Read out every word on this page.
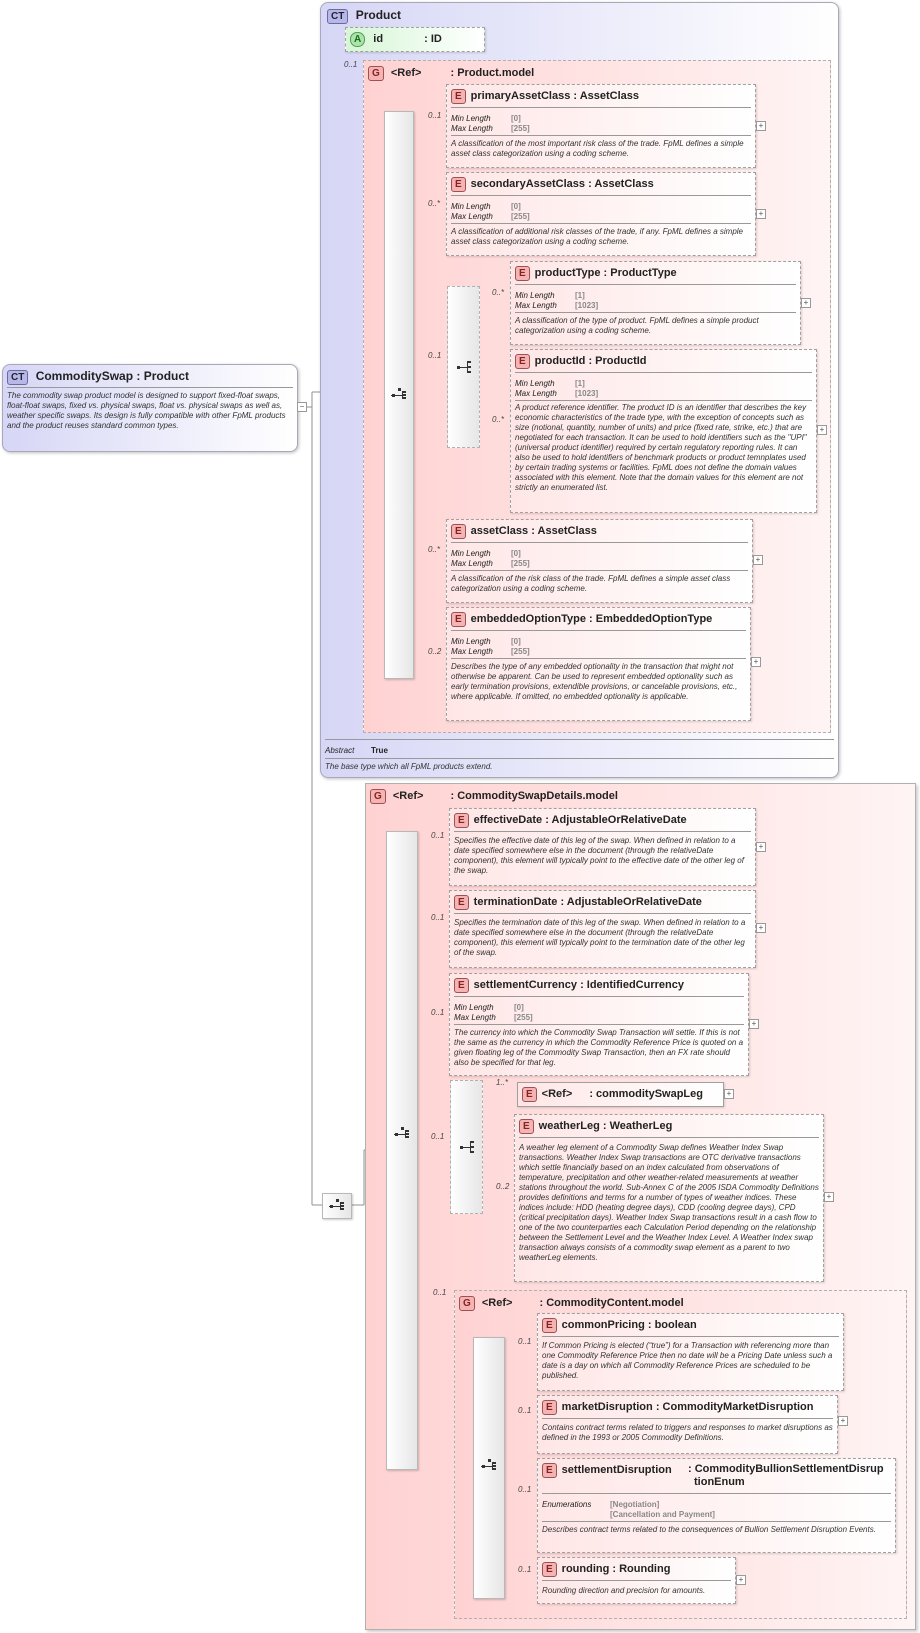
CT CommoditySwap : Product
The commodity swap product model is designed to support fixed-float swaps, float-float swaps, fixed vs. physical swaps, float vs. physical swaps as well as, weather specific swaps. Its design is fully compatible with other FpML products and the product reuses standard common types.
−
CT Product
Abstract True
The base type which all FpML products extend.
A id	: ID
0..1
G <Ref>	: Product.model
0..1
E primaryAssetClass : AssetClass
Min Length	[0]
Max Length [255]
A classification of the most important risk class of the trade. FpML defines a simple asset class categorization using a coding scheme.
+
0..*
E secondaryAssetClass : AssetClass
Min Length	[0]
Max Length [255]
A classification of additional risk classes of the trade, if any. FpML defines a simple asset class categorization using a coding scheme.
+
0..1
0..*
E productType : ProductType
Min Length	[1]
Max Length [1023]
A classification of the type of product. FpML defines a simple product categorization using a coding scheme.
+
0..*
E productId : ProductId
Min Length	[1]
Max Length [1023]
A product reference identifier. The product ID is an identifier that describes the key economic characteristics of the trade type, with the exception of concepts such as size (notional, quantity, number of units) and price (fixed rate, strike, etc.) that are negotiated for each transaction. It can be used to hold identifiers such as the "UPI" (universal product identifier) required by certain regulatory reporting rules. It can also be used to hold identifiers of benchmark products or product temnplates used by certain trading systems or facilities. FpML does not define the domain values associated with this element. Note that the domain values for this element are not strictly an enumerated list.
+
0..*
E assetClass : AssetClass
Min Length	[0]
Max Length [255]
A classification of the risk class of the trade. FpML defines a simple asset class categorization using a coding scheme.
+
0..2
E embeddedOptionType : EmbeddedOptionType
Min Length	[0]
Max Length [255]
Describes the type of any embedded optionality in the transaction that might not otherwise be apparent. Can be used to represent embedded optionality such as early termination provisions, extendible provisions, or cancelable provisions, etc., where applicable. If omitted, no embedded optionality is applicable.
+
G <Ref> : CommoditySwapDetails.model
0..1
E effectiveDate : AdjustableOrRelativeDate
Specifies the effective date of this leg of the swap. When defined in relation to a date specified somewhere else in the document (through the relativeDate component), this element will typically point to the effective date of the other leg of the swap.
+
0..1
E terminationDate : AdjustableOrRelativeDate
Specifies the termination date of this leg of the swap. When defined in relation to a date specified somewhere else in the document (through the relativeDate component), this element will typically point to the termination date of the other leg of the swap.
+
0..1
E settlementCurrency : IdentifiedCurrency
Min Length	[0]
Max Length [255]
The currency into which the Commodity Swap Transaction will settle. If this is not the same as the currency in which the Commodity Reference Price is quoted on a given floating leg of the Commodity Swap Transaction, then an FX rate should also be specified for that leg.
+
0..1
1..*
E <Ref> : commoditySwapLeg	+
0..2
E weatherLeg : WeatherLeg
A weather leg element of a Commodity Swap defines Weather Index Swap transactions. Weather Index Swap transactions are OTC derivative transactions which settle financially based on an index calculated from observations of temperature, precipitation and other weather-related measurements at weather stations throughout the world. Sub-Annex C of the 2005 ISDA Commodity Definitions provides definitions and terms for a number of types of weather indices. These indices include: HDD (heating degree days), CDD (cooling degree days), CPD (critical precipitation days). Weather Index Swap transactions result in a cash flow to one of the two counterparties each Calculation Period depending on the relationship between the Settlement Level and the Weather Index Level. A Weather Index swap transaction always consists of a commodity swap element as a parent to two weatherLeg elements.
+
0..1
G <Ref> : CommodityContent.model
0..1
E commonPricing : boolean
If Common Pricing is elected (“true”) for a Transaction with referencing more than one Commodity Reference Price then no date will be a Pricing Date unless such a date is a day on which all Commodity Reference Prices are scheduled to be published.
0..1	E marketDisruption : CommodityMarketDisruption
Contains contract terms related to triggers and responses to market disruptions as defined in the 1993 or 2005 Commodity Definitions.
+
0..1
E settlementDisruption : CommodityBullionSettlementDisrup
tionEnum
Enumerations [Negotiation]
[Cancellation and Payment]
Describes contract terms related to the consequences of Bullion Settlement Disruption Events.
0..1	E rounding : Rounding
Rounding direction and precision for amounts.
+
